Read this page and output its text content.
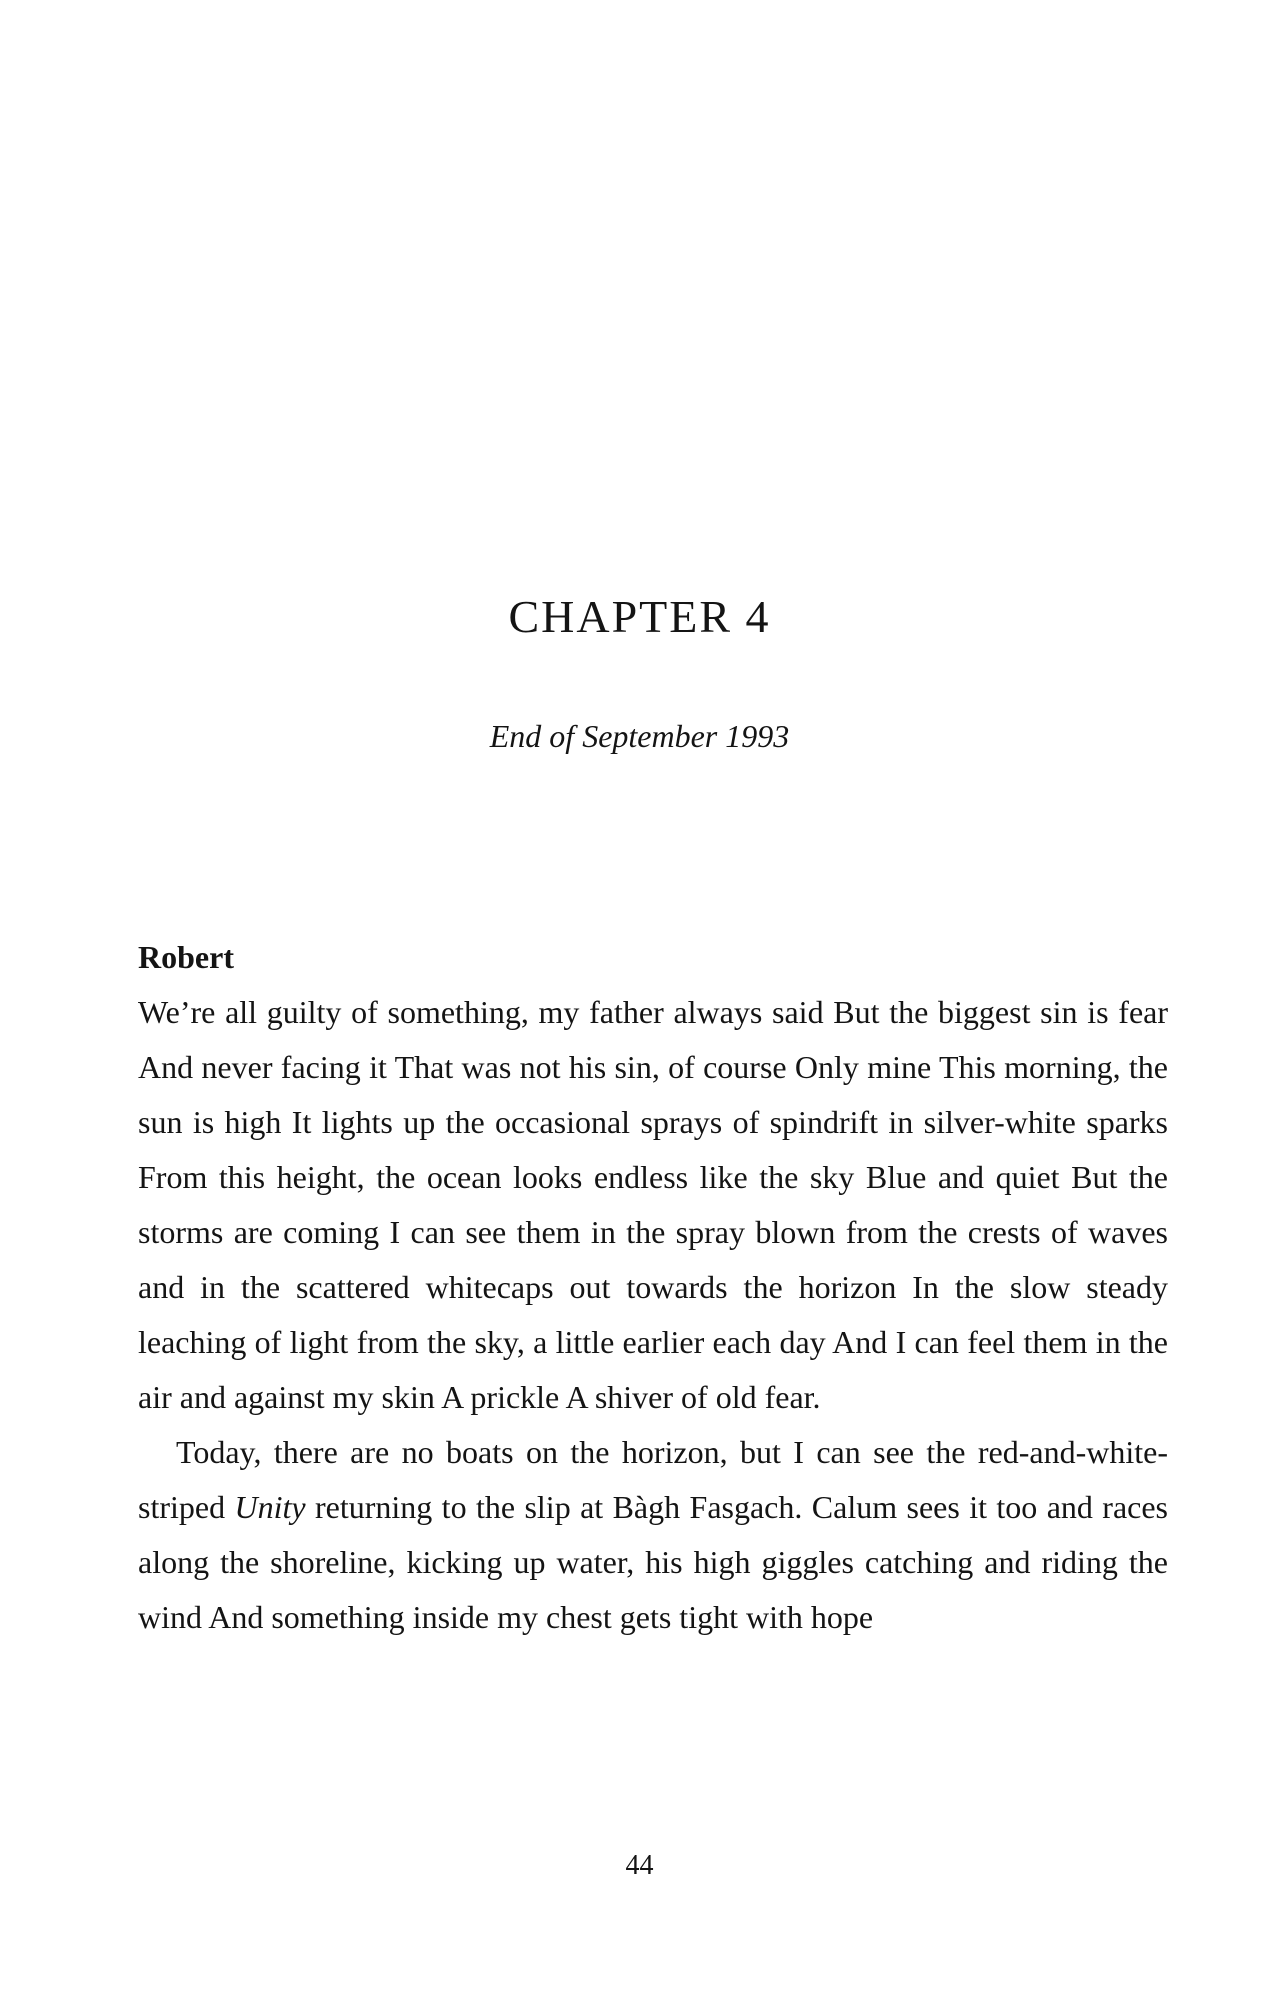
CHAPTER 4

End of September 1993

Robert

We’re all guilty of something, my father always said But the biggest sin is fear And never facing it That was not his sin, of course Only mine This morning, the sun is high It lights up the occasional sprays of spindrift in silver-white sparks From this height, the ocean looks endless like the sky Blue and quiet But the storms are coming I can see them in the spray blown from the crests of waves and in the scattered whitecaps out towards the horizon In the slow steady leaching of light from the sky, a little earlier each day And I can feel them in the air and against my skin A prickle A shiver of old fear.

Today, there are no boats on the horizon, but I can see the red-and-white-striped Unity returning to the slip at Bàgh Fasgach. Calum sees it too and races along the shoreline, kicking up water, his high giggles catching and riding the wind And something inside my chest gets tight with hope

44
